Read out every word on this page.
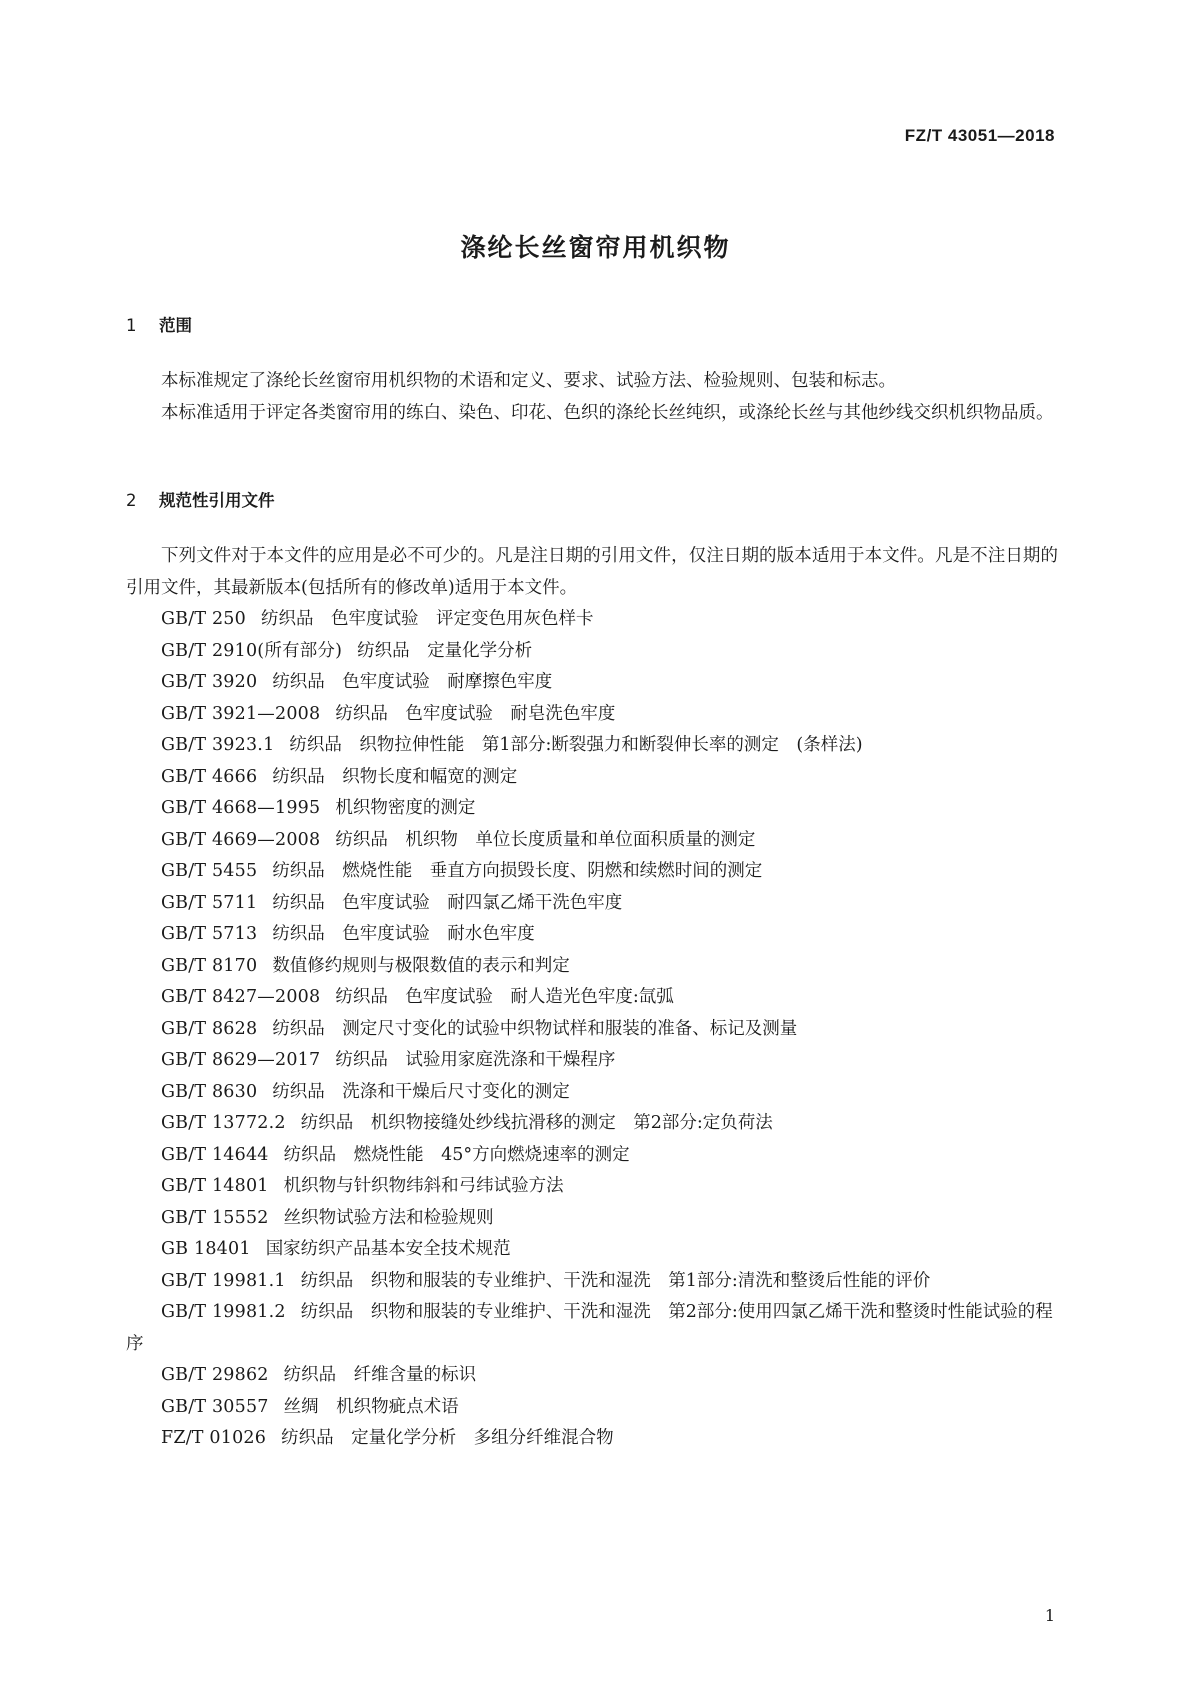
FZ/T 43051—2018
涤纶长丝窗帘用机织物
1 范围

本标准规定了涤纶长丝窗帘用机织物的术语和定义、要求、试验方法、检验规则、包装和标志。

本标准适用于评定各类窗帘用的练白、染色、印花、色织的涤纶长丝纯织，或涤纶长丝与其他纱线交织机织物品质。

2 规范性引用文件

下列文件对于本文件的应用是必不可少的。凡是注日期的引用文件，仅注日期的版本适用于本文件。凡是不注日期的引用文件，其最新版本(包括所有的修改单)适用于本文件。

GB/T 250 纺织品　色牢度试验　评定变色用灰色样卡
GB/T 2910(所有部分) 纺织品　定量化学分析
GB/T 3920 纺织品　色牢度试验　耐摩擦色牢度
GB/T 3921—2008 纺织品　色牢度试验　耐皂洗色牢度
GB/T 3923.1 纺织品　织物拉伸性能　第1部分:断裂强力和断裂伸长率的测定　(条样法)
GB/T 4666 纺织品　织物长度和幅宽的测定
GB/T 4668—1995 机织物密度的测定
GB/T 4669—2008 纺织品　机织物　单位长度质量和单位面积质量的测定
GB/T 5455 纺织品　燃烧性能　垂直方向损毁长度、阴燃和续燃时间的测定
GB/T 5711 纺织品　色牢度试验　耐四氯乙烯干洗色牢度
GB/T 5713 纺织品　色牢度试验　耐水色牢度
GB/T 8170 数值修约规则与极限数值的表示和判定
GB/T 8427—2008 纺织品　色牢度试验　耐人造光色牢度:氙弧
GB/T 8628 纺织品　测定尺寸变化的试验中织物试样和服装的准备、标记及测量
GB/T 8629—2017 纺织品　试验用家庭洗涤和干燥程序
GB/T 8630 纺织品　洗涤和干燥后尺寸变化的测定
GB/T 13772.2 纺织品　机织物接缝处纱线抗滑移的测定　第2部分:定负荷法
GB/T 14644 纺织品　燃烧性能　45°方向燃烧速率的测定
GB/T 14801 机织物与针织物纬斜和弓纬试验方法
GB/T 15552 丝织物试验方法和检验规则
GB 18401 国家纺织产品基本安全技术规范
GB/T 19981.1 纺织品　织物和服装的专业维护、干洗和湿洗　第1部分:清洗和整烫后性能的评价
GB/T 19981.2 纺织品　织物和服装的专业维护、干洗和湿洗　第2部分:使用四氯乙烯干洗和整烫时性能试验的程序
GB/T 29862 纺织品　纤维含量的标识
GB/T 30557 丝绸　机织物疵点术语
FZ/T 01026 纺织品　定量化学分析　多组分纤维混合物
1
